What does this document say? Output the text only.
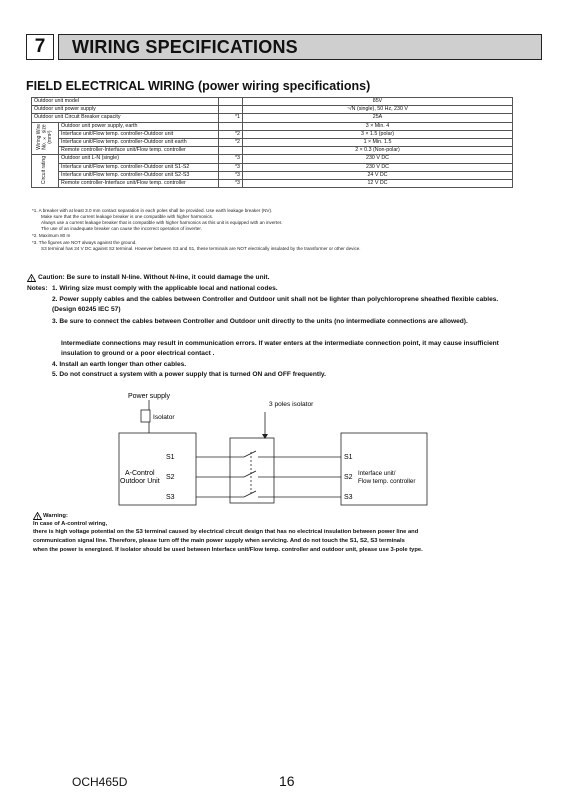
7	WIRING SPECIFICATIONS
FIELD ELECTRICAL WIRING (power wiring specifications)
Outdoor unit model			85V
Outdoor unit power supply			~/N (single), 50 Hz, 230 V
Outdoor unit Circuit Breaker capacity		*1	25A
Wiring Wire No. × size (mm²)	Outdoor unit power supply, earth		3 × Min. 4
	Interface unit/Flow temp. controller-Outdoor unit	*2	3 × 1.5 (polar)
	Interface unit/Flow temp. controller-Outdoor unit earth	*2	1 × Min. 1.5
	Remote controller-Interface unit/Flow temp. controller		2 × 0.3 (Non-polar)
Circuit rating	Outdoor unit L-N (single)	*3	230 V DC
	Interface unit/Flow temp. controller-Outdoor unit S1-S2	*3	230 V DC
	Interface unit/Flow temp. controller-Outdoor unit S2-S3	*3	24 V DC
	Remote controller-Interface unit/Flow temp. controller	*3	12 V DC
*1. A breaker with at least 3.0 mm contact separation in each poles shall be provided. Use earth leakage breaker (NV).
Make sure that the current leakage breaker is one compatible with higher harmonics.
Always use a current leakage breaker that is compatible with higher harmonics as this unit is equipped with an inverter.
The use of an inadequate breaker can cause the incorrect operation of inverter.
*2. Maximum 80 m
*3. The figures are NOT always against the ground.
S3 terminal has 24 V DC against S2 terminal. However between S3 and S1, these terminals are NOT electrically insulated by the transformer or other device.
! Caution: Be sure to install N-line. Without N-line, it could damage the unit.
Notes: 1. Wiring size must comply with the applicable local and national codes.
2. Power supply cables and the cables between Controller and Outdoor unit shall not be lighter than polychloroprene sheathed flexible cables. (Design 60245 IEC 57)
3. Be sure to connect the cables between Controller and Outdoor unit directly to the units (no intermediate connections are allowed).
Intermediate connections may result in communication errors. If water enters at the intermediate connection point, it may cause insufficient insulation to ground or a poor electrical contact .
4. Install an earth longer than other cables.
5. Do not construct a system with a power supply that is turned ON and OFF frequently.
Power supply
Isolator
3 poles isolator
A-Control
Outdoor Unit
S1
S2
S3
S1
S2
S3
Interface unit/
Flow temp. controller
! Warning:
In case of A-control wiring,
there is high voltage potential on the S3 terminal caused by electrical circuit design that has no electrical insulation between power line and
communication signal line. Therefore, please turn off the main power supply when servicing. And do not touch the S1, S2, S3 terminals
when the power is energized. If isolator should be used between Interface unit/Flow temp. controller and outdoor unit, please use 3-pole type.
OCH465D	16
